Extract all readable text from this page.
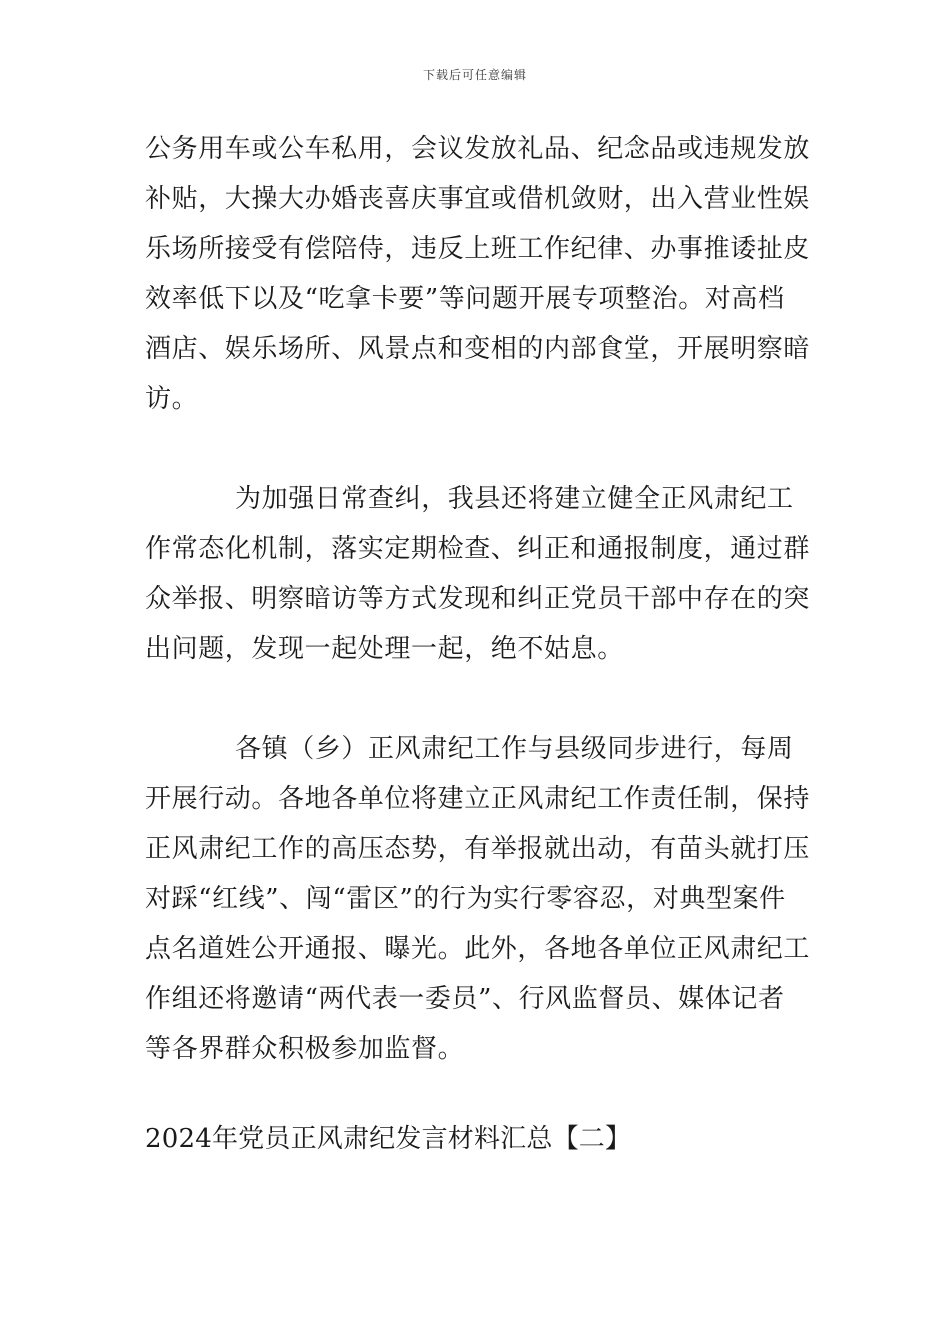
下载后可任意编辑

公务用车或公车私用，会议发放礼品、纪念品或违规发放补贴，大操大办婚丧喜庆事宜或借机敛财，出入营业性娱乐场所接受有偿陪侍，违反上班工作纪律、办事推诿扯皮效率低下以及“吃拿卡要”等问题开展专项整治。对高档酒店、娱乐场所、风景点和变相的内部食堂，开展明察暗访。

为加强日常查纠，我县还将建立健全正风肃纪工作常态化机制，落实定期检查、纠正和通报制度，通过群众举报、明察暗访等方式发现和纠正党员干部中存在的突出问题，发现一起处理一起，绝不姑息。

各镇（乡）正风肃纪工作与县级同步进行，每周开展行动。各地各单位将建立正风肃纪工作责任制，保持正风肃纪工作的高压态势，有举报就出动，有苗头就打压对踩“红线”、闯“雷区”的行为实行零容忍，对典型案件点名道姓公开通报、曝光。此外，各地各单位正风肃纪工作组还将邀请“两代表一委员”、行风监督员、媒体记者等各界群众积极参加监督。

2024年党员正风肃纪发言材料汇总【二】
